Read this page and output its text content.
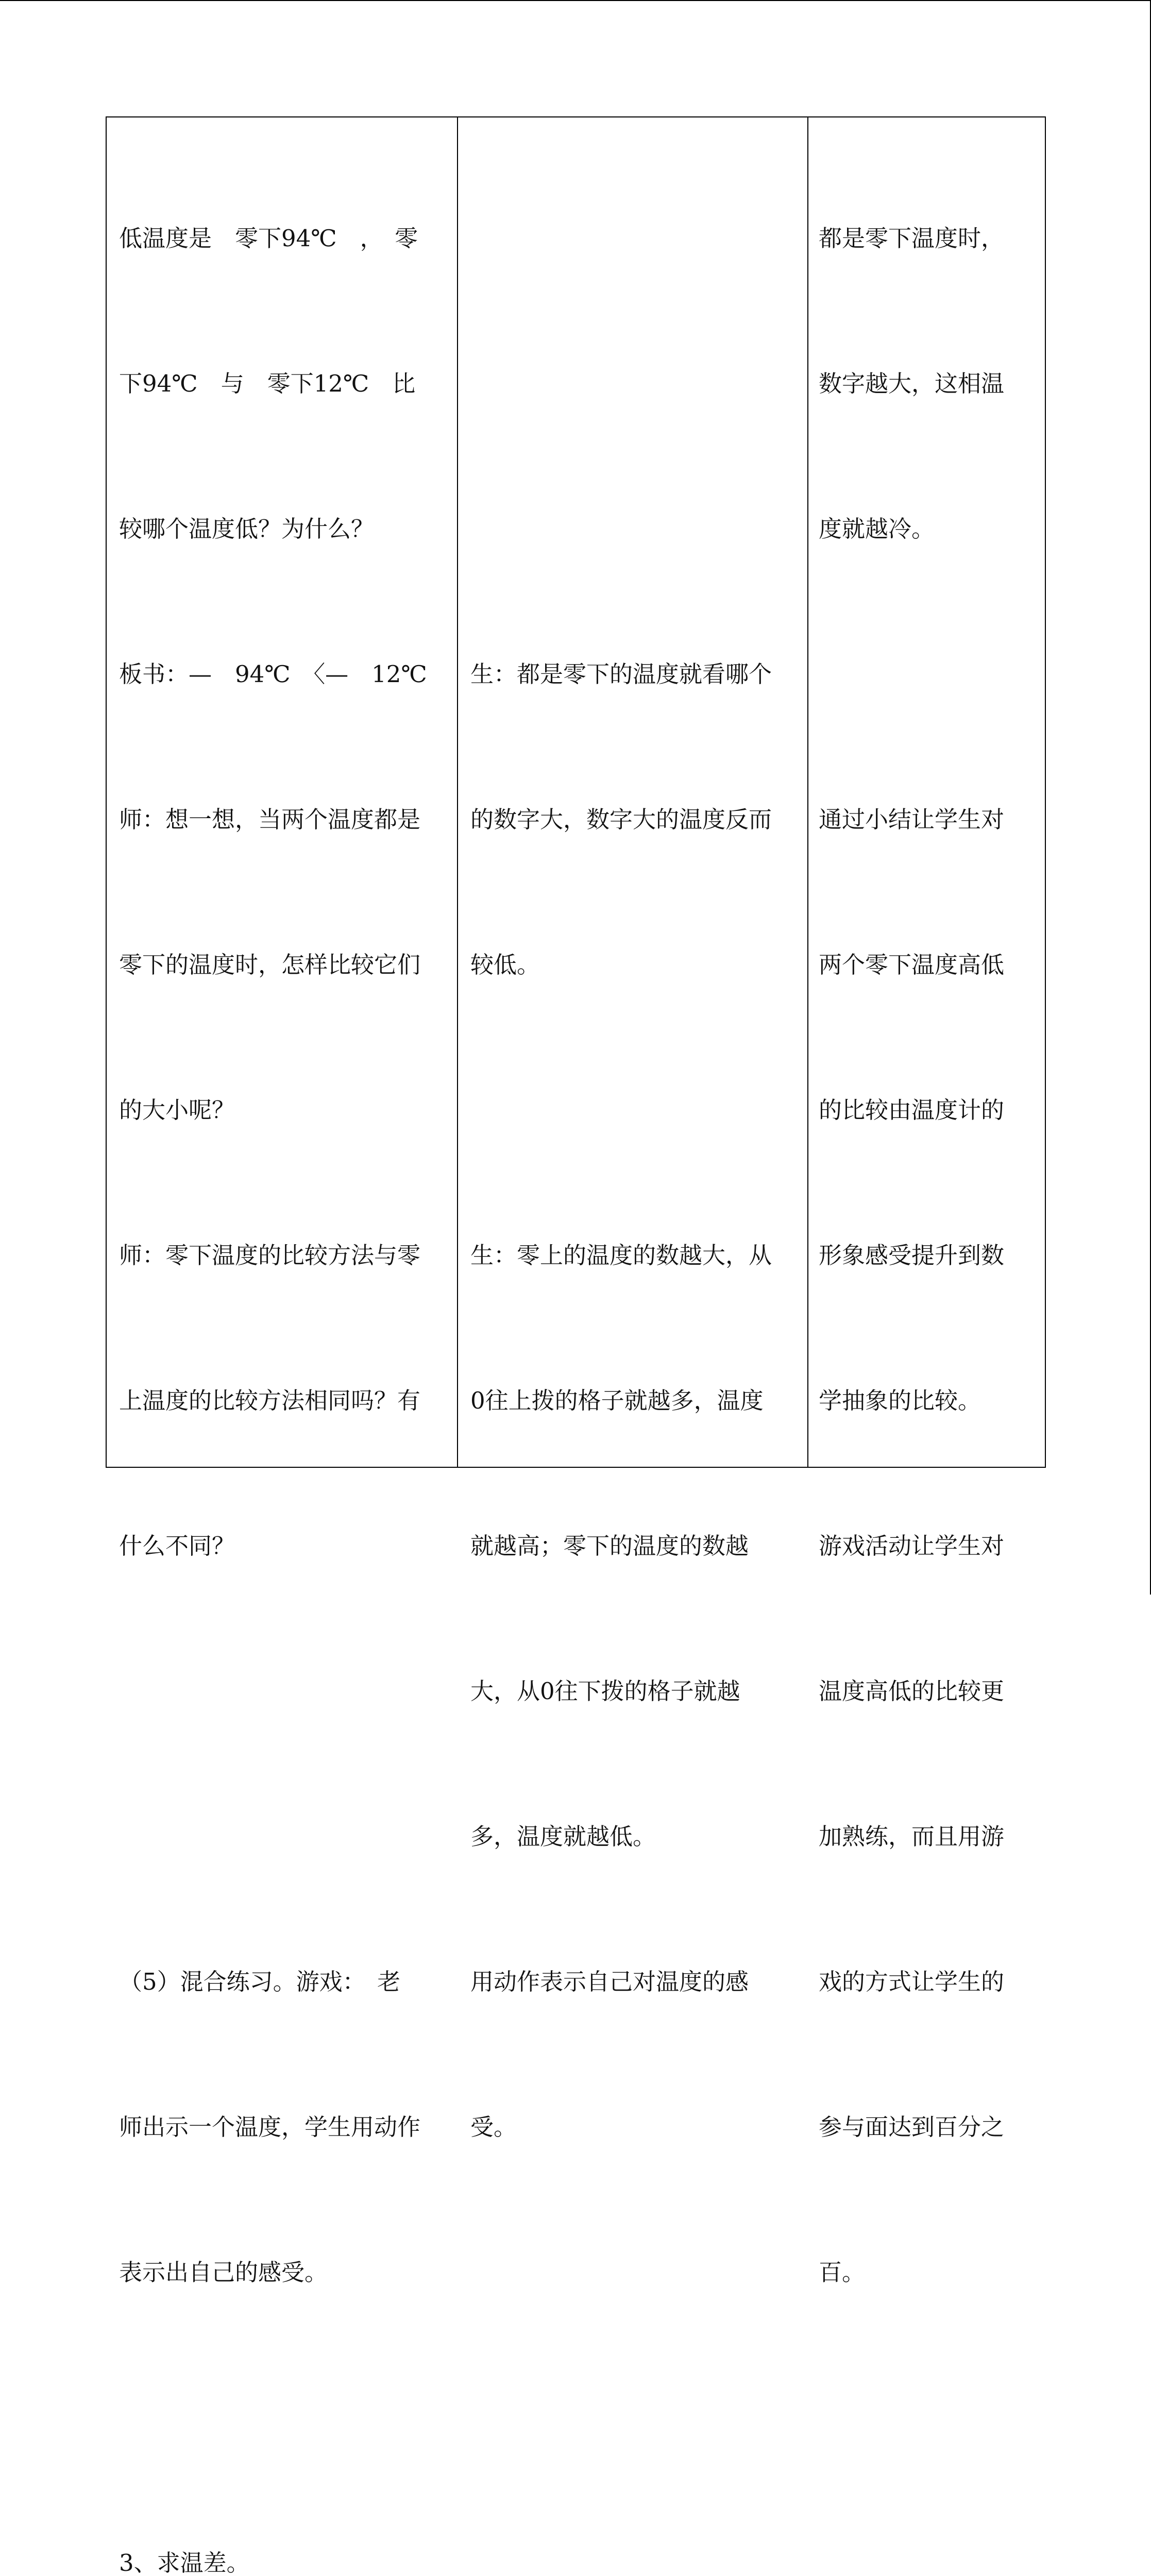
低温度是　零下94℃　，　零

下94℃　与　零下12℃　比

较哪个温度低？为什么？

板书：—　94℃　〈—　12℃

师：想一想，当两个温度都是

零下的温度时，怎样比较它们

的大小呢？

师：零下温度的比较方法与零

上温度的比较方法相同吗？有

什么不同？

（5）混合练习。游戏：　老

师出示一个温度，学生用动作

表示出自己的感受。

3、求温差。

生：都是零下的温度就看哪个

的数字大，数字大的温度反而

较低。

生：零上的温度的数越大，从

0往上拨的格子就越多，温度

就越高；零下的温度的数越

大，从0往下拨的格子就越

多，温度就越低。

用动作表示自己对温度的感

受。

都是零下温度时，

数字越大，这相温

度就越冷。

通过小结让学生对

两个零下温度高低

的比较由温度计的

形象感受提升到数

学抽象的比较。

游戏活动让学生对

温度高低的比较更

加熟练，而且用游

戏的方式让学生的

参与面达到百分之

百。
